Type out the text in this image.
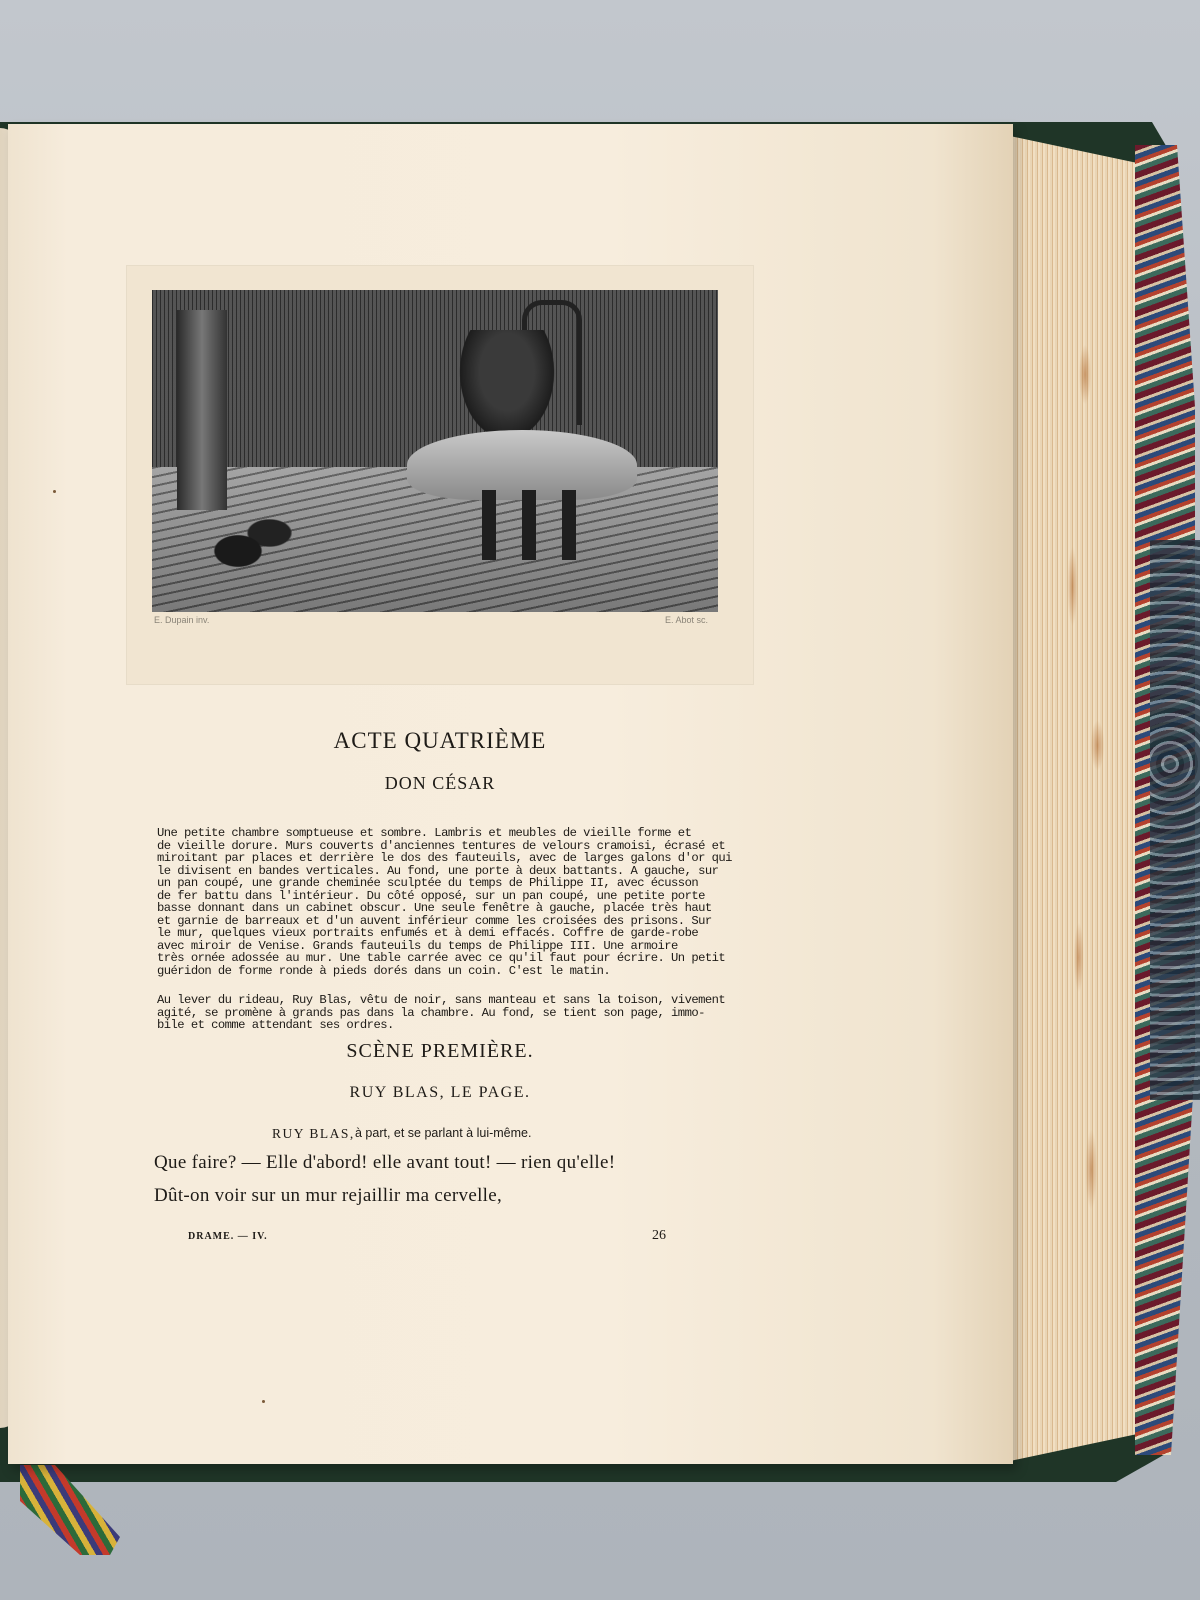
E. Dupain inv.	E. Abot sc.
ACTE QUATRIÈME
DON CÉSAR
Une petite chambre somptueuse et sombre. Lambris et meubles de vieille forme et
de vieille dorure. Murs couverts d'anciennes tentures de velours cramoisi, écrasé et
miroitant par places et derrière le dos des fauteuils, avec de larges galons d'or qui
le divisent en bandes verticales. Au fond, une porte à deux battants. A gauche, sur
un pan coupé, une grande cheminée sculptée du temps de Philippe II, avec écusson
de fer battu dans l'intérieur. Du côté opposé, sur un pan coupé, une petite porte
basse donnant dans un cabinet obscur. Une seule fenêtre à gauche, placée très haut
et garnie de barreaux et d'un auvent inférieur comme les croisées des prisons. Sur
le mur, quelques vieux portraits enfumés et à demi effacés. Coffre de garde-robe
avec miroir de Venise. Grands fauteuils du temps de Philippe III. Une armoire
très ornée adossée au mur. Une table carrée avec ce qu'il faut pour écrire. Un petit
guéridon de forme ronde à pieds dorés dans un coin. C'est le matin.
Au lever du rideau, Ruy Blas, vêtu de noir, sans manteau et sans la toison, vivement
agité, se promène à grands pas dans la chambre. Au fond, se tient son page, immo-
bile et comme attendant ses ordres.
SCÈNE PREMIÈRE.
RUY BLAS, LE PAGE.
RUY BLAS, à part, et se parlant à lui-même.
Que faire? — Elle d'abord! elle avant tout! — rien qu'elle!
Dût-on voir sur un mur rejaillir ma cervelle,
DRAME. — IV.	26
